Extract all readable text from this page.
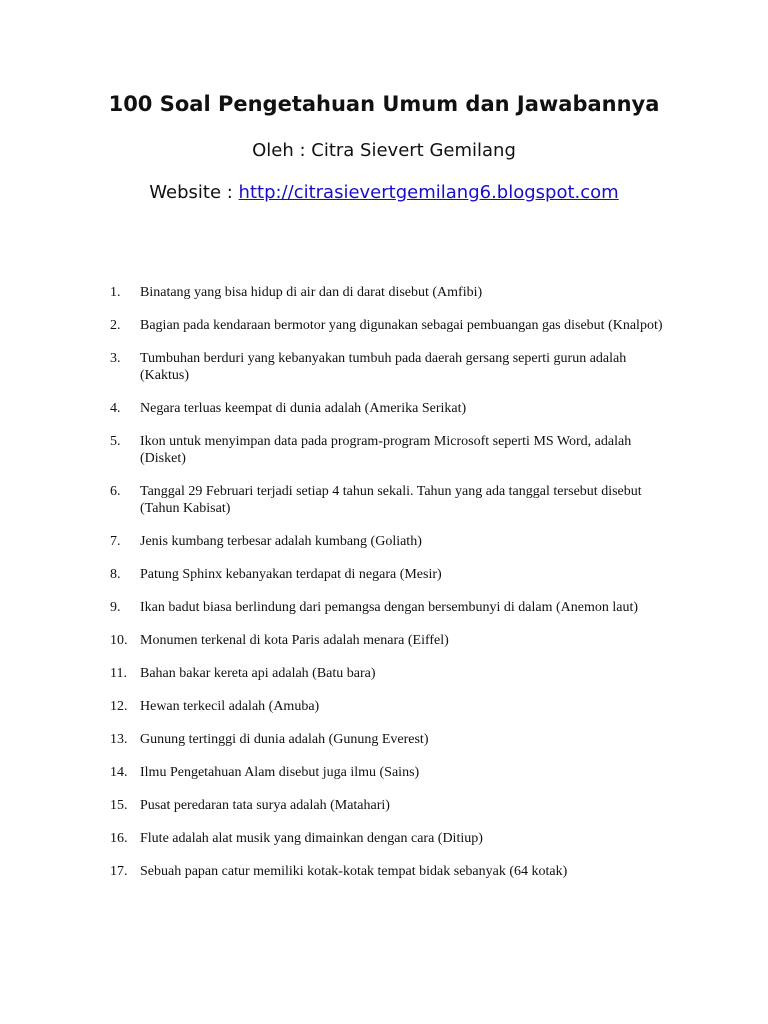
100 Soal Pengetahuan Umum dan Jawabannya

Oleh : Citra Sievert Gemilang

Website : http://citrasievertgemilang6.blogspot.com

1.	Binatang yang bisa hidup di air dan di darat disebut (Amfibi)
2.	Bagian pada kendaraan bermotor yang digunakan sebagai pembuangan gas disebut (Knalpot)
3.	Tumbuhan berduri yang kebanyakan tumbuh pada daerah gersang seperti gurun adalah (Kaktus)
4.	Negara terluas keempat di dunia adalah (Amerika Serikat)
5.	Ikon untuk menyimpan data pada program-program Microsoft seperti MS Word, adalah (Disket)
6.	Tanggal 29 Februari terjadi setiap 4 tahun sekali. Tahun yang ada tanggal tersebut disebut (Tahun Kabisat)
7.	Jenis kumbang terbesar adalah kumbang (Goliath)
8.	Patung Sphinx kebanyakan terdapat di negara (Mesir)
9.	Ikan badut biasa berlindung dari pemangsa dengan bersembunyi di dalam (Anemon laut)
10. Monumen terkenal di kota Paris adalah menara (Eiffel)
11. Bahan bakar kereta api adalah (Batu bara)
12. Hewan terkecil adalah (Amuba)
13. Gunung tertinggi di dunia adalah (Gunung Everest)
14. Ilmu Pengetahuan Alam disebut juga ilmu (Sains)
15. Pusat peredaran tata surya adalah (Matahari)
16. Flute adalah alat musik yang dimainkan dengan cara (Ditiup)
17. Sebuah papan catur memiliki kotak-kotak tempat bidak sebanyak (64 kotak)
